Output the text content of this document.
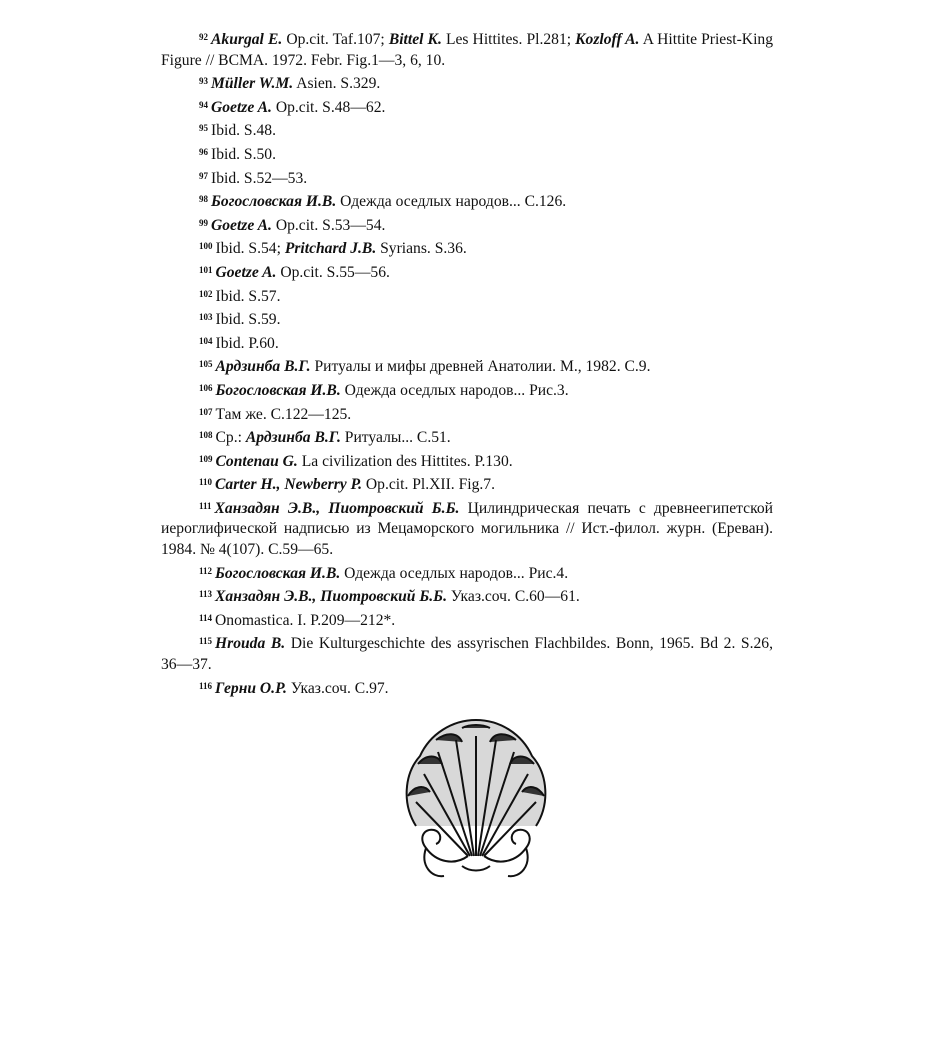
$^{92}$ Akurgal E. Op.cit. Taf.107; Bittel K. Les Hittites. Pl.281; Kozloff A. A Hittite Priest-King Figure // BCMA. 1972. Febr. Fig.1—3, 6, 10.

$^{93}$ Müller W.M. Asien. S.329.

$^{94}$ Goetze A. Op.cit. S.48—62.

$^{95}$ Ibid. S.48.

$^{96}$ Ibid. S.50.

$^{97}$ Ibid. S.52—53.

$^{98}$ Богословская И.В. Одежда оседлых народов... С.126.

$^{99}$ Goetze A. Op.cit. S.53—54.

$^{100}$ Ibid. S.54; Pritchard J.B. Syrians. S.36.

$^{101}$ Goetze A. Op.cit. S.55—56.

$^{102}$ Ibid. S.57.

$^{103}$ Ibid. S.59.

$^{104}$ Ibid. P.60.

$^{105}$ Ардзинба В.Г. Ритуалы и мифы древней Анатолии. М., 1982. С.9.

$^{106}$ Богословская И.В. Одежда оседлых народов... Рис.3.

$^{107}$ Там же. С.122—125.

$^{108}$ Ср.: Ардзинба В.Г. Ритуалы... С.51.

$^{109}$ Contenau G. La civilization des Hittites. P.130.

$^{110}$ Carter H., Newberry P. Op.cit. Pl.XII. Fig.7.

$^{111}$ Ханзадян Э.В., Пиотровский Б.Б. Цилиндрическая печать с древнеегипетской иероглифической надписью из Мецаморского могильника // Ист.-филол. журн. (Ереван). 1984. № 4(107). С.59—65.

$^{112}$ Богословская И.В. Одежда оседлых народов... Рис.4.

$^{113}$ Ханзадян Э.В., Пиотровский Б.Б. Указ.соч. С.60—61.

$^{114}$ Onomastica. I. P.209—212*.

$^{115}$ Hrouda B. Die Kulturgeschichte des assyrischen Flachbildes. Bonn, 1965. Bd 2. S.26, 36—37.

$^{116}$ Герни О.Р. Указ.соч. С.97.
